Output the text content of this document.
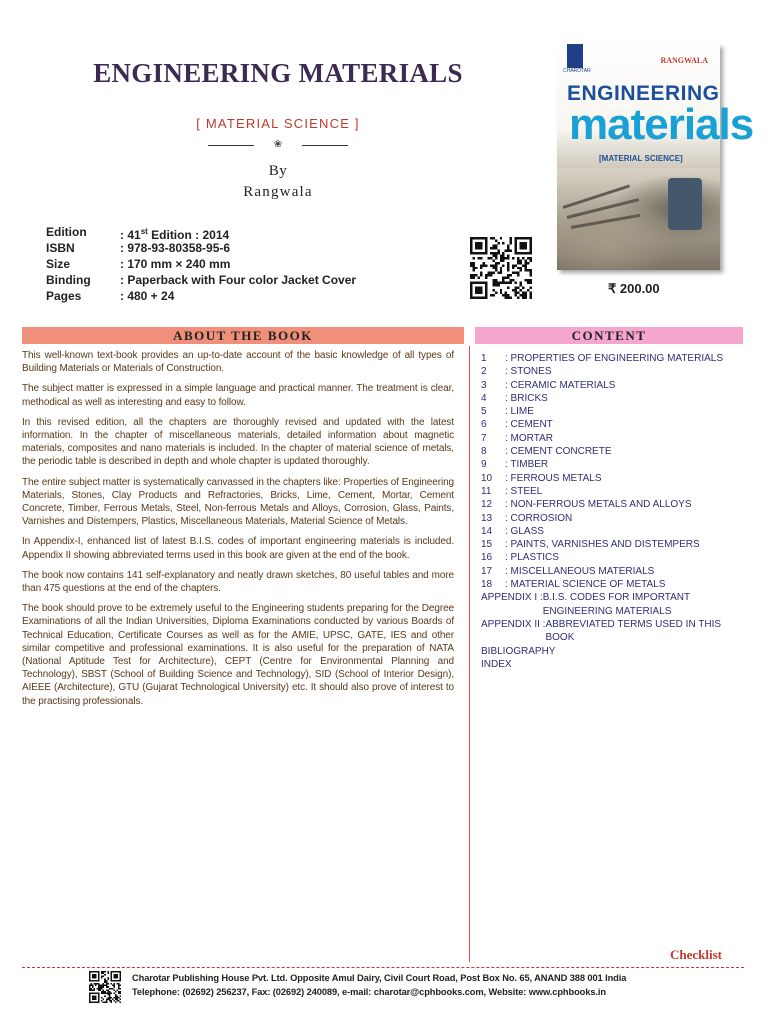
ENGINEERING MATERIALS
[ MATERIAL SCIENCE ]
❀
By
Rangwala
Edition	: 41st Edition : 2014
ISBN	: 978-93-80358-95-6
Size	: 170 mm × 240 mm
Binding	: Paperback with Four color Jacket Cover
Pages	: 480 + 24
CHAROTAR
RANGWALA
ENGINEERING
materials
[MATERIAL SCIENCE]
₹ 200.00
ABOUT THE BOOK	CONTENT

This well-known text-book provides an up-to-date account of the basic knowledge of all types of Building Materials or Materials of Construction.

The subject matter is expressed in a simple language and practical manner. The treatment is clear, methodical as well as interesting and easy to follow.

In this revised edition, all the chapters are thoroughly revised and updated with the latest information. In the chapter of miscellaneous materials, detailed information about magnetic materials, composites and nano materials is included. In the chapter of material science of metals, the periodic table is described in depth and whole chapter is updated thoroughly.

The entire subject matter is systematically canvassed in the chapters like: Properties of Engineering Materials, Stones, Clay Products and Refractories, Bricks, Lime, Cement, Mortar, Cement Concrete, Timber, Ferrous Metals, Steel, Non-ferrous Metals and Alloys, Corrosion, Glass, Paints, Varnishes and Distempers, Plastics, Miscellaneous Materials, Material Science of Metals.

In Appendix-I, enhanced list of latest B.I.S. codes of important engineering materials is included. Appendix II showing abbreviated terms used in this book are given at the end of the book.

The book now contains 141 self-explanatory and neatly drawn sketches, 80 useful tables and more than 475 questions at the end of the chapters.

The book should prove to be extremely useful to the Engineering students preparing for the Degree Examinations of all the Indian Universities, Diploma Examinations conducted by various Boards of Technical Education, Certificate Courses as well as for the AMIE, UPSC, GATE, IES and other similar competitive and professional examinations. It is also useful for the preparation of NATA (National Aptitude Test for Architecture), CEPT (Centre for Environmental Planning and Technology), SBST (School of Building Science and Technology), SID (School of Interior Design), AIEEE (Architecture), GTU (Gujarat Technological University) etc. It should also prove of interest to the practising professionals.

1	: PROPERTIES OF ENGINEERING MATERIALS
2	: STONES
3	: CERAMIC MATERIALS
4	: BRICKS
5	: LIME
6	: CEMENT
7	: MORTAR
8	: CEMENT CONCRETE
9	: TIMBER
10	: FERROUS METALS
11	: STEEL
12	: NON-FERROUS METALS AND ALLOYS
13	: CORROSION
14	: GLASS
15	: PAINTS, VARNISHES AND DISTEMPERS
16	: PLASTICS
17	: MISCELLANEOUS MATERIALS
18	: MATERIAL SCIENCE OF METALS
APPENDIX I : B.I.S. CODES FOR IMPORTANT ENGINEERING MATERIALS
APPENDIX II : ABBREVIATED TERMS USED IN THIS BOOK
BIBLIOGRAPHY
INDEX
Checklist
Charotar Publishing House Pvt. Ltd. Opposite Amul Dairy, Civil Court Road, Post Box No. 65, ANAND 388 001 India
Telephone: (02692) 256237, Fax: (02692) 240089, e-mail: charotar@cphbooks.com, Website: www.cphbooks.in
